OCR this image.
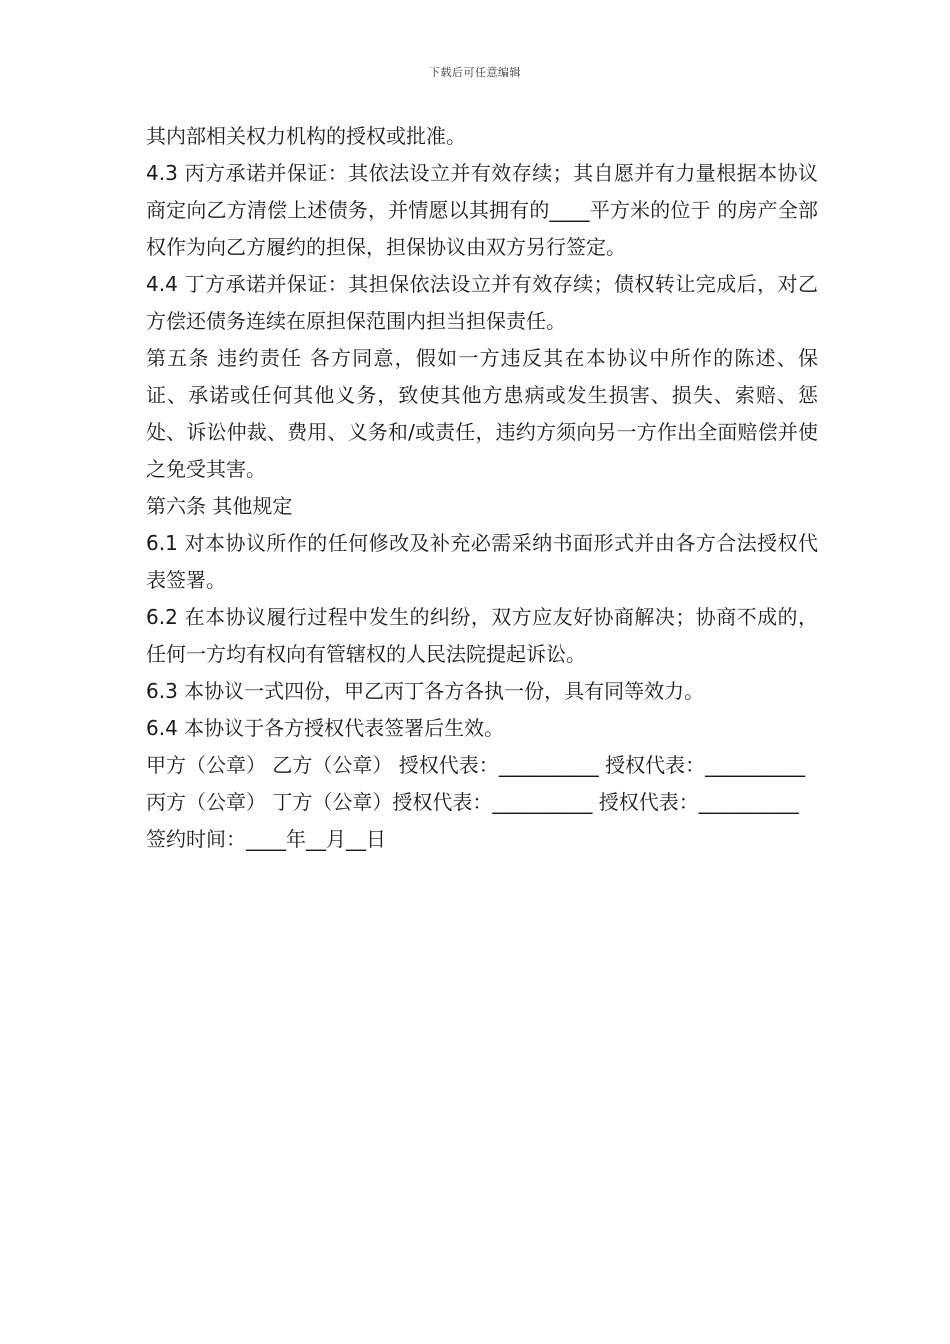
下载后可任意编辑

其内部相关权力机构的授权或批准。

4.3 丙方承诺并保证：其依法设立并有效存续；其自愿并有力量根据本协议商定向乙方清偿上述债务，并情愿以其拥有的____平方米的位于 的房产全部权作为向乙方履约的担保，担保协议由双方另行签定。

4.4 丁方承诺并保证：其担保依法设立并有效存续；债权转让完成后，对乙方偿还债务连续在原担保范围内担当担保责任。

第五条 违约责任 各方同意，假如一方违反其在本协议中所作的陈述、保证、承诺或任何其他义务，致使其他方患病或发生损害、损失、索赔、惩处、诉讼仲裁、费用、义务和/或责任，违约方须向另一方作出全面赔偿并使之免受其害。

第六条 其他规定

6.1 对本协议所作的任何修改及补充必需采纳书面形式并由各方合法授权代表签署。

6.2 在本协议履行过程中发生的纠纷，双方应友好协商解决；协商不成的，任何一方均有权向有管辖权的人民法院提起诉讼。

6.3 本协议一式四份，甲乙丙丁各方各执一份，具有同等效力。

6.4 本协议于各方授权代表签署后生效。

甲方（公章） 乙方（公章） 授权代表：__________ 授权代表：__________

丙方（公章） 丁方（公章）授权代表：__________ 授权代表：__________

签约时间：____年__月__日
